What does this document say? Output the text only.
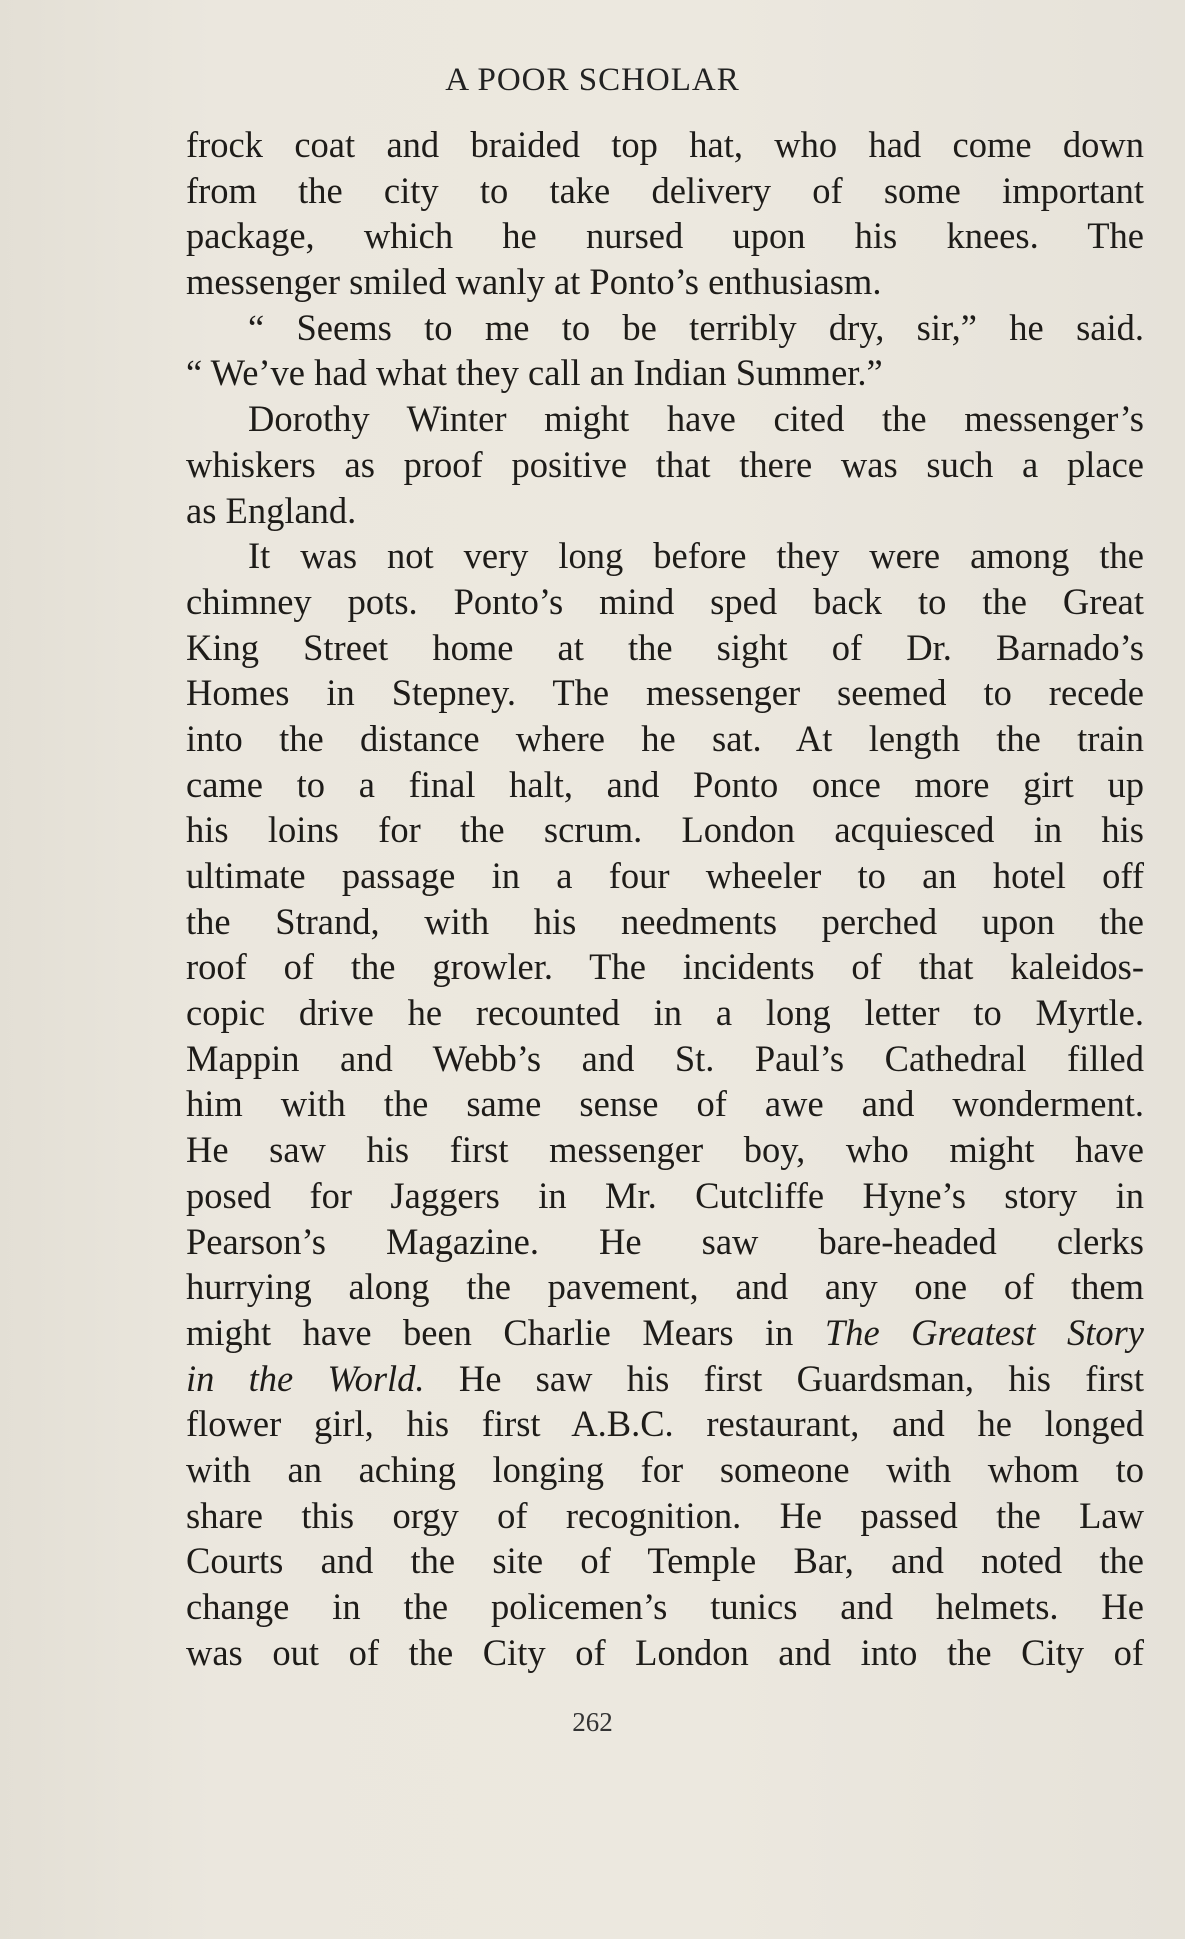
A POOR SCHOLAR
frock coat and braided top hat, who had come down
from the city to take delivery of some important
package, which he nursed upon his knees. The
messenger smiled wanly at Ponto’s enthusiasm.
“ Seems to me to be terribly dry, sir,” he said.
“ We’ve had what they call an Indian Summer.”
Dorothy Winter might have cited the messenger’s
whiskers as proof positive that there was such a place
as England.
It was not very long before they were among the
chimney pots. Ponto’s mind sped back to the Great
King Street home at the sight of Dr. Barnado’s
Homes in Stepney. The messenger seemed to recede
into the distance where he sat. At length the train
came to a final halt, and Ponto once more girt up
his loins for the scrum. London acquiesced in his
ultimate passage in a four wheeler to an hotel off
the Strand, with his needments perched upon the
roof of the growler. The incidents of that kaleidos-
copic drive he recounted in a long letter to Myrtle.
Mappin and Webb’s and St. Paul’s Cathedral filled
him with the same sense of awe and wonderment.
He saw his first messenger boy, who might have
posed for Jaggers in Mr. Cutcliffe Hyne’s story in
Pearson’s Magazine. He saw bare-headed clerks
hurrying along the pavement, and any one of them
might have been Charlie Mears in The Greatest Story
in the World. He saw his first Guardsman, his first
flower girl, his first A.B.C. restaurant, and he longed
with an aching longing for someone with whom to
share this orgy of recognition. He passed the Law
Courts and the site of Temple Bar, and noted the
change in the policemen’s tunics and helmets. He
was out of the City of London and into the City of
262
